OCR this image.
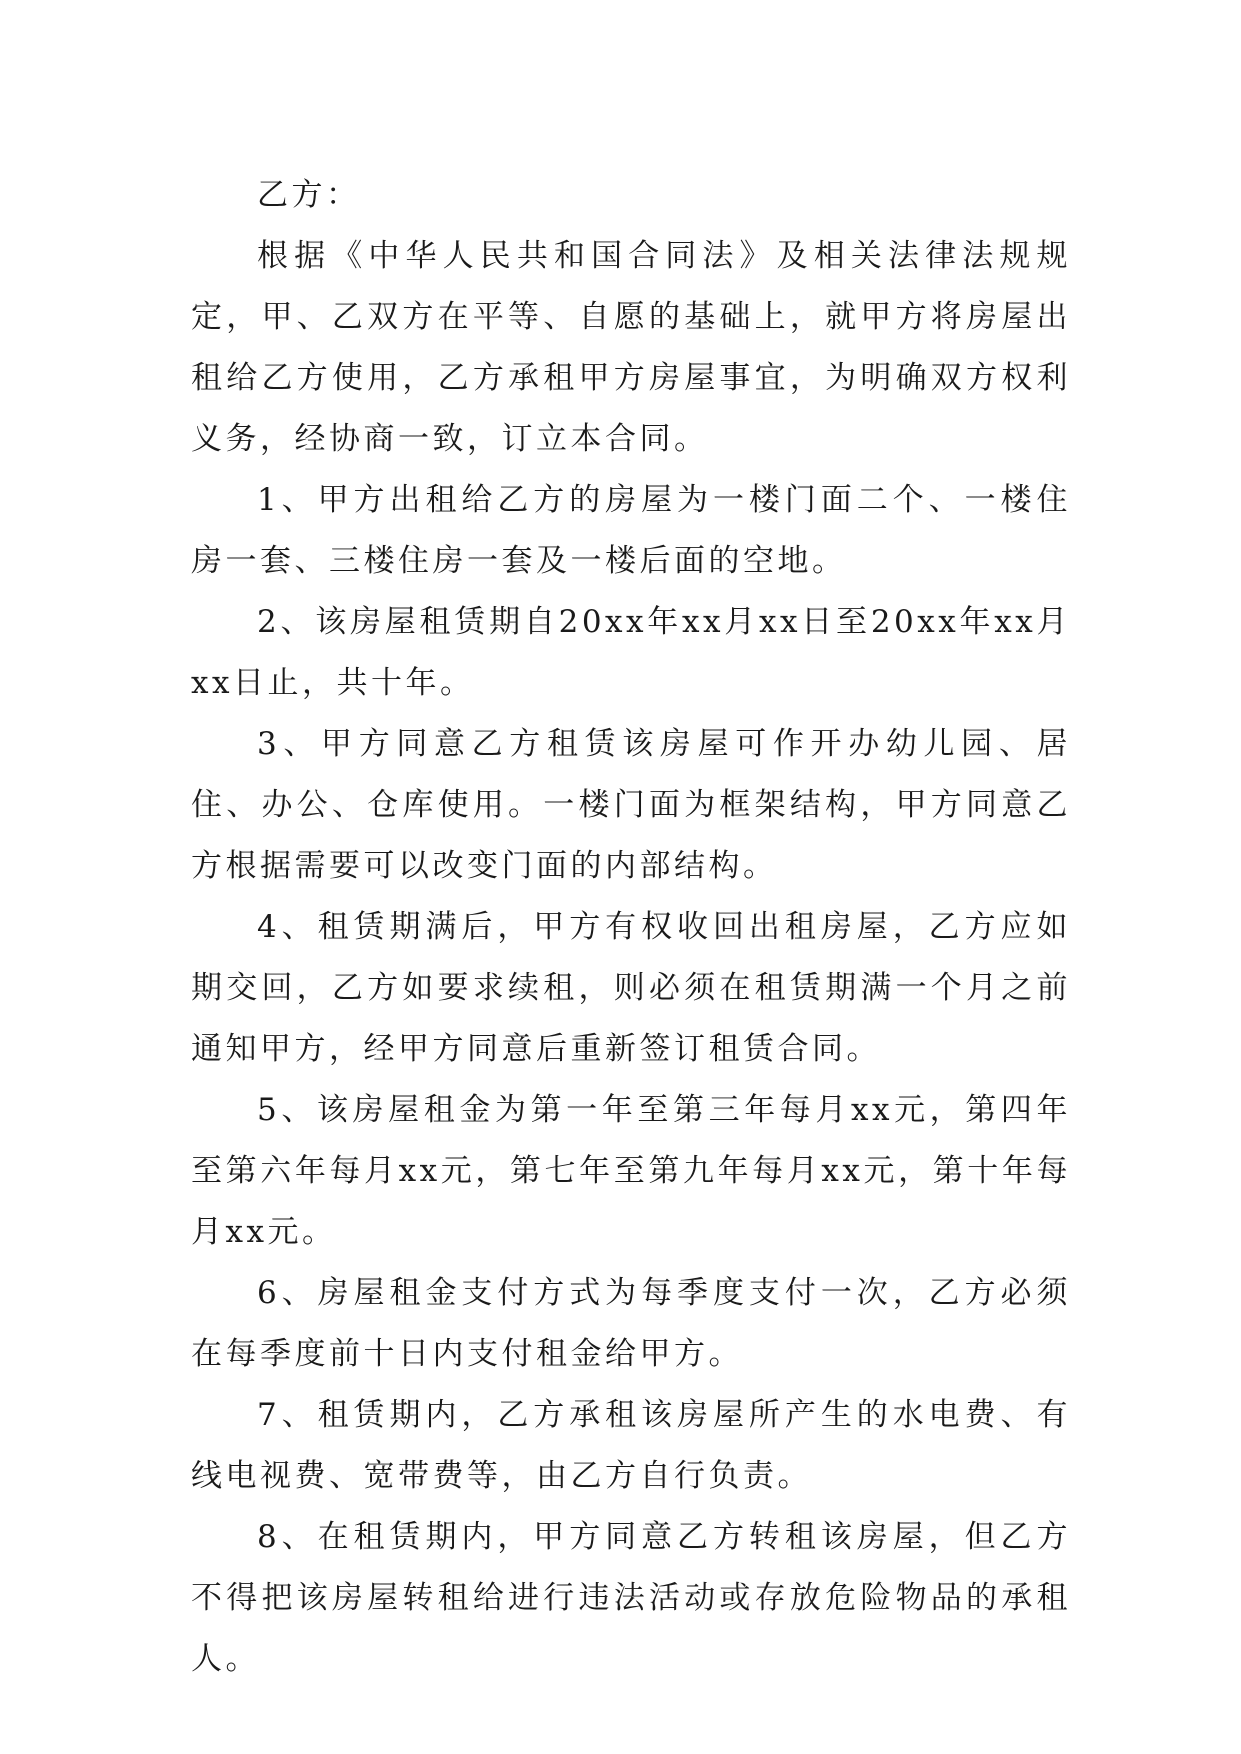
乙方：

根据《中华人民共和国合同法》及相关法律法规规定，甲、乙双方在平等、自愿的基础上，就甲方将房屋出租给乙方使用，乙方承租甲方房屋事宜，为明确双方权利义务，经协商一致，订立本合同。

1、甲方出租给乙方的房屋为一楼门面二个、一楼住房一套、三楼住房一套及一楼后面的空地。

2、该房屋租赁期自20xx年xx月xx日至20xx年xx月xx日止，共十年。

3、甲方同意乙方租赁该房屋可作开办幼儿园、居住、办公、仓库使用。一楼门面为框架结构，甲方同意乙方根据需要可以改变门面的内部结构。

4、租赁期满后，甲方有权收回出租房屋，乙方应如期交回，乙方如要求续租，则必须在租赁期满一个月之前通知甲方，经甲方同意后重新签订租赁合同。

5、该房屋租金为第一年至第三年每月xx元，第四年至第六年每月xx元，第七年至第九年每月xx元，第十年每月xx元。

6、房屋租金支付方式为每季度支付一次，乙方必须在每季度前十日内支付租金给甲方。

7、租赁期内，乙方承租该房屋所产生的水电费、有线电视费、宽带费等，由乙方自行负责。

8、在租赁期内，甲方同意乙方转租该房屋，但乙方不得把该房屋转租给进行违法活动或存放危险物品的承租人。
